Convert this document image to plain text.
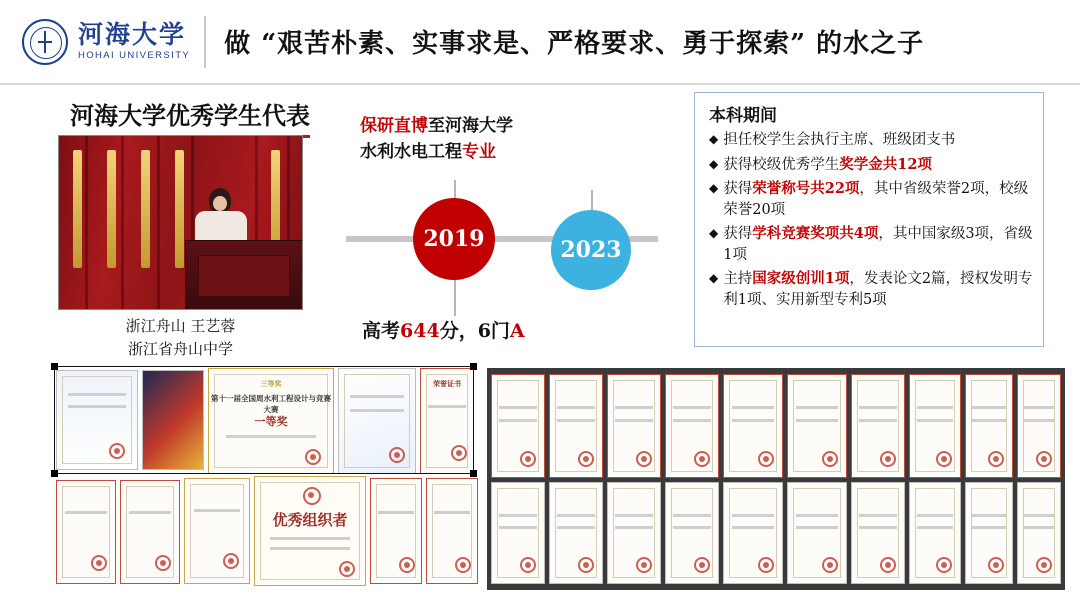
河海大学
HOHAI UNIVERSITY 做 “艰苦朴素、实事求是、严格要求、勇于探索” 的水之子
河海大学优秀学生代表
浙江舟山 王艺蓉
浙江省舟山中学
保研直博至河海大学
水利水电工程专业
2019	2023
高考644分，6门A
本科期间
◆ 担任校学生会执行主席、班级团支书
◆ 获得校级优秀学生奖学金共12项
◆ 获得荣誉称号共22项，其中省级荣誉2项，校级荣誉20项
◆ 获得学科竞赛奖项共4项，其中国家级3项，省级1项
◆ 主持国家级创训1项，发表论文2篇，授权发明专利1项、实用新型专利5项
三等奖
第十一届全国周水利工程设计与竞赛大赛
一等奖
荣誉证书
优秀组织者
